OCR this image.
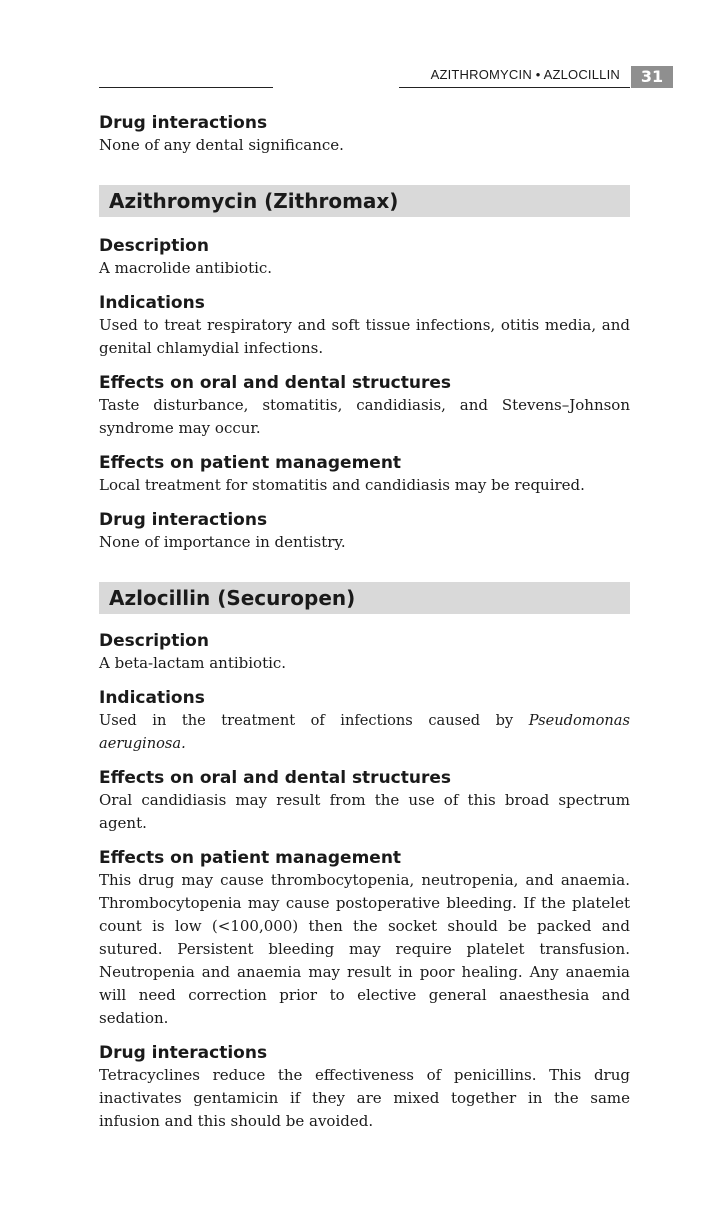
AZITHROMYCIN • AZLOCILLIN

Drug interactions

None of any dental significance.

Azithromycin (Zithromax)

Description

A macrolide antibiotic.

Indications

Used to treat respiratory and soft tissue infections, otitis media, and genital chlamydial infections.

Effects on oral and dental structures

Taste disturbance, stomatitis, candidiasis, and Stevens–Johnson syndrome may occur.

Effects on patient management

Local treatment for stomatitis and candidiasis may be required.

Drug interactions

None of importance in dentistry.

Azlocillin (Securopen)

Description

A beta-lactam antibiotic.

Indications

Used in the treatment of infections caused by Pseudomonas aeruginosa.

Effects on oral and dental structures

Oral candidiasis may result from the use of this broad spectrum agent.

Effects on patient management

This drug may cause thrombocytopenia, neutropenia, and anaemia. Thrombocytopenia may cause postoperative bleeding. If the platelet count is low (<100,000) then the socket should be packed and sutured. Persistent bleeding may require platelet transfusion. Neutropenia and anaemia may result in poor healing. Any anaemia will need correction prior to elective general anaesthesia and sedation.

Drug interactions

Tetracyclines reduce the effectiveness of penicillins. This drug inactivates gentamicin if they are mixed together in the same infusion and this should be avoided.

31
